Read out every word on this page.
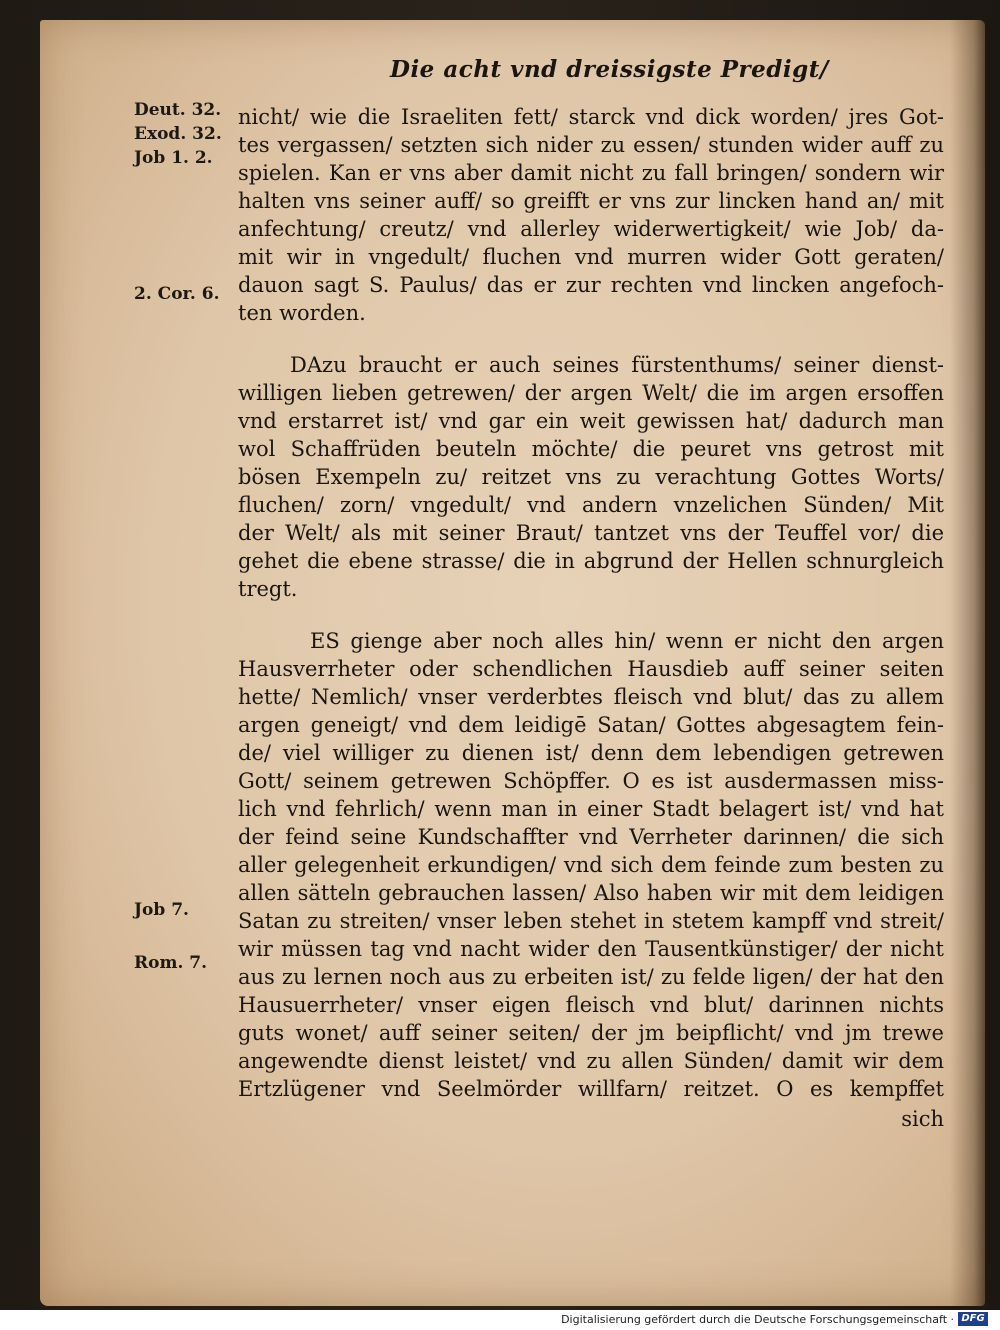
Die acht vnd dreissigste Predigt/
Deut. 32.
Exod. 32.
Job 1. 2.
2. Cor. 6.
Job 7.
Rom. 7.
nicht/ wie die Israeliten fett/ starck vnd dick worden/ jres Got-
tes vergassen/ setzten sich nider zu essen/ stunden wider auff zu
spielen. Kan er vns aber damit nicht zu fall bringen/ sondern wir
halten vns seiner auff/ so greifft er vns zur lincken hand an/ mit
anfechtung/ creutz/ vnd allerley widerwertigkeit/ wie Job/ da-
mit wir in vngedult/ fluchen vnd murren wider Gott geraten/
dauon sagt S. Paulus/ das er zur rechten vnd lincken angefoch-
ten worden.
DAzu braucht er auch seines fürstenthums/ seiner dienst-
willigen lieben getrewen/ der argen Welt/ die im argen ersoffen
vnd erstarret ist/ vnd gar ein weit gewissen hat/ dadurch man
wol Schaffrüden beuteln möchte/ die peuret vns getrost mit
bösen Exempeln zu/ reitzet vns zu verachtung Gottes Worts/
fluchen/ zorn/ vngedult/ vnd andern vnzelichen Sünden/ Mit
der Welt/ als mit seiner Braut/ tantzet vns der Teuffel vor/ die
gehet die ebene strasse/ die in abgrund der Hellen schnurgleich
tregt.
ES gienge aber noch alles hin/ wenn er nicht den argen
Hausverrheter oder schendlichen Hausdieb auff seiner seiten
hette/ Nemlich/ vnser verderbtes fleisch vnd blut/ das zu allem
argen geneigt/ vnd dem leidigē Satan/ Gottes abgesagtem fein-
de/ viel williger zu dienen ist/ denn dem lebendigen getrewen
Gott/ seinem getrewen Schöpffer. O es ist ausdermassen miss-
lich vnd fehrlich/ wenn man in einer Stadt belagert ist/ vnd hat
der feind seine Kundschaffter vnd Verrheter darinnen/ die sich
aller gelegenheit erkundigen/ vnd sich dem feinde zum besten zu
allen sätteln gebrauchen lassen/ Also haben wir mit dem leidigen
Satan zu streiten/ vnser leben stehet in stetem kampff vnd streit/
wir müssen tag vnd nacht wider den Tausentkünstiger/ der nicht
aus zu lernen noch aus zu erbeiten ist/ zu felde ligen/ der hat den
Hausuerrheter/ vnser eigen fleisch vnd blut/ darinnen nichts
guts wonet/ auff seiner seiten/ der jm beipflicht/ vnd jm trewe
angewendte dienst leistet/ vnd zu allen Sünden/ damit wir dem
Ertzlügener vnd Seelmörder willfarn/ reitzet. O es kempffet
sich
Digitalisierung gefördert durch die Deutsche Forschungsgemeinschaft · DFG
